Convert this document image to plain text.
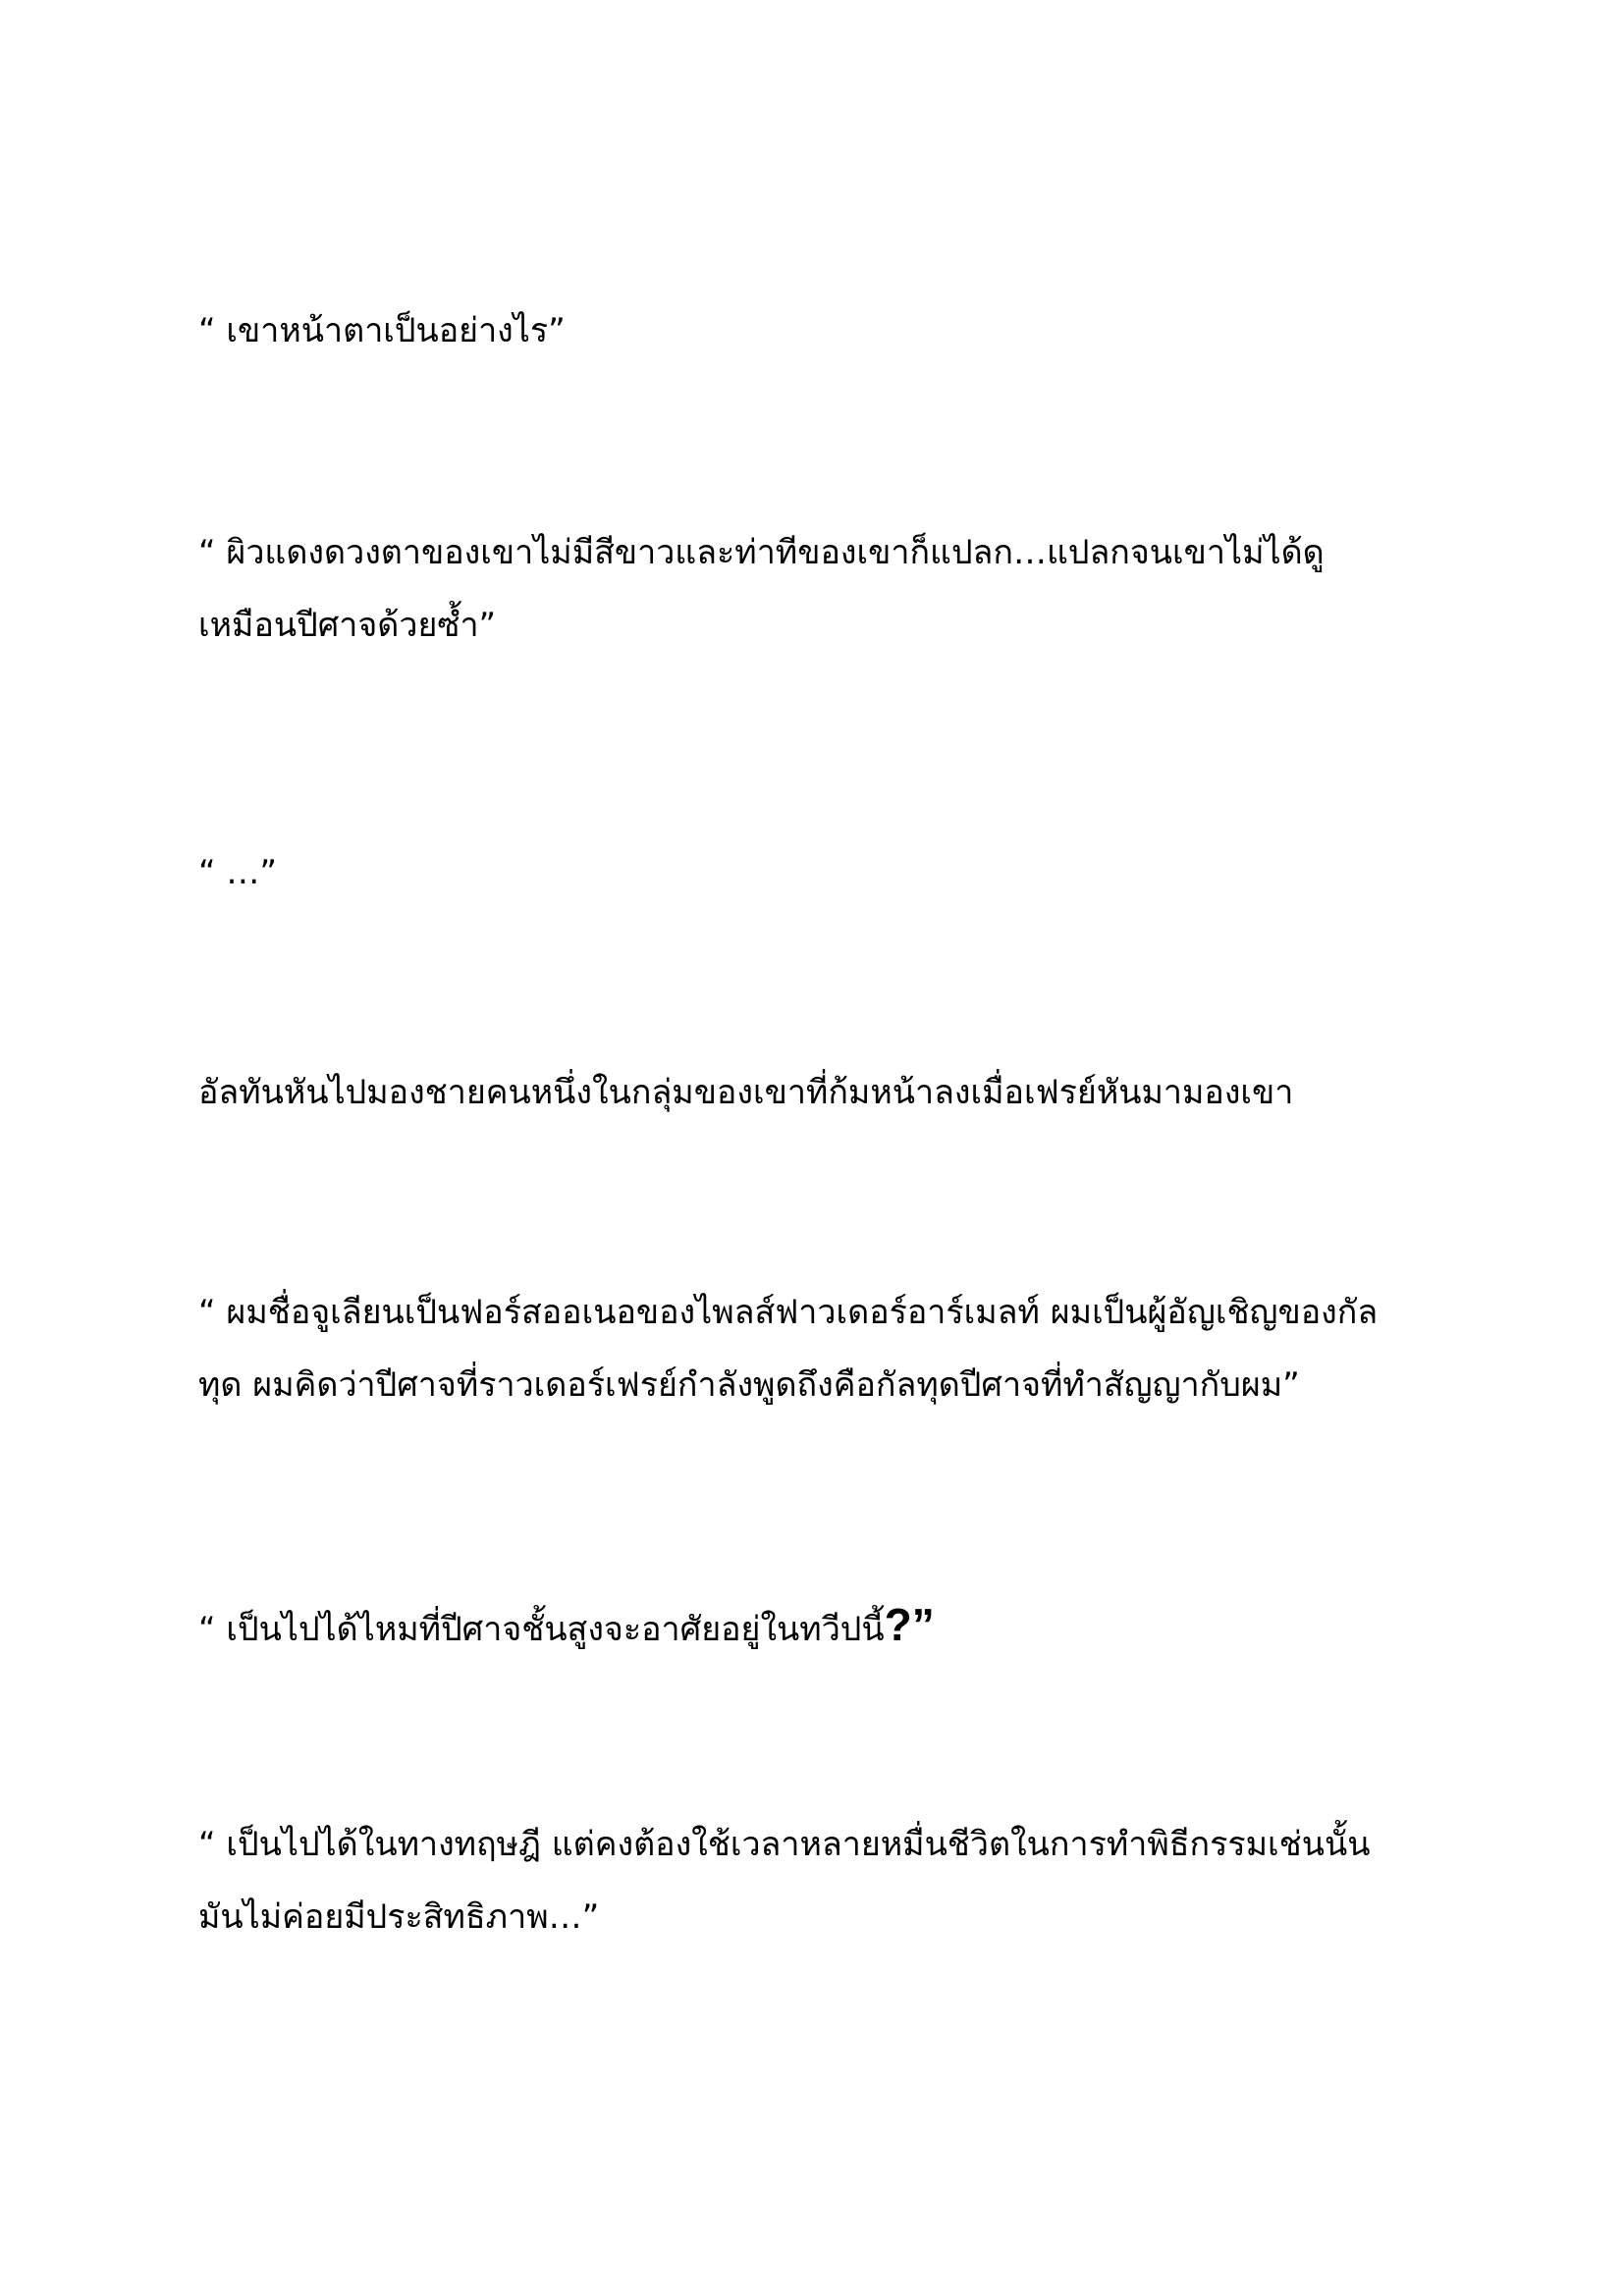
“ เขาหน้าตาเป็นอย่างไร”

“ ผิวแดงดวงตาของเขาไม่มีสีขาวและท่าทีของเขาก็แปลก…แปลกจนเขาไม่ได้ดู
เหมือนปีศาจด้วยซ้ำ”

“ …”

อัลทันหันไปมองชายคนหนึ่งในกลุ่มของเขาที่ก้มหน้าลงเมื่อเฟรย์หันมามองเขา

“ ผมชื่อจูเลียนเป็นฟอร์สออเนอของไพลส์ฟาวเดอร์อาร์เมลท์ ผมเป็นผู้อัญเชิญของกัล
ทุด ผมคิดว่าปีศาจที่ราวเดอร์เฟรย์กำลังพูดถึงคือกัลทุดปีศาจที่ทำสัญญากับผม”

“ เป็นไปได้ไหมที่ปีศาจชั้นสูงจะอาศัยอยู่ในทวีปนี้?”

“ เป็นไปได้ในทางทฤษฎี แต่คงต้องใช้เวลาหลายหมื่นชีวิตในการทำพิธีกรรมเช่นนั้น
มันไม่ค่อยมีประสิทธิภาพ…”
